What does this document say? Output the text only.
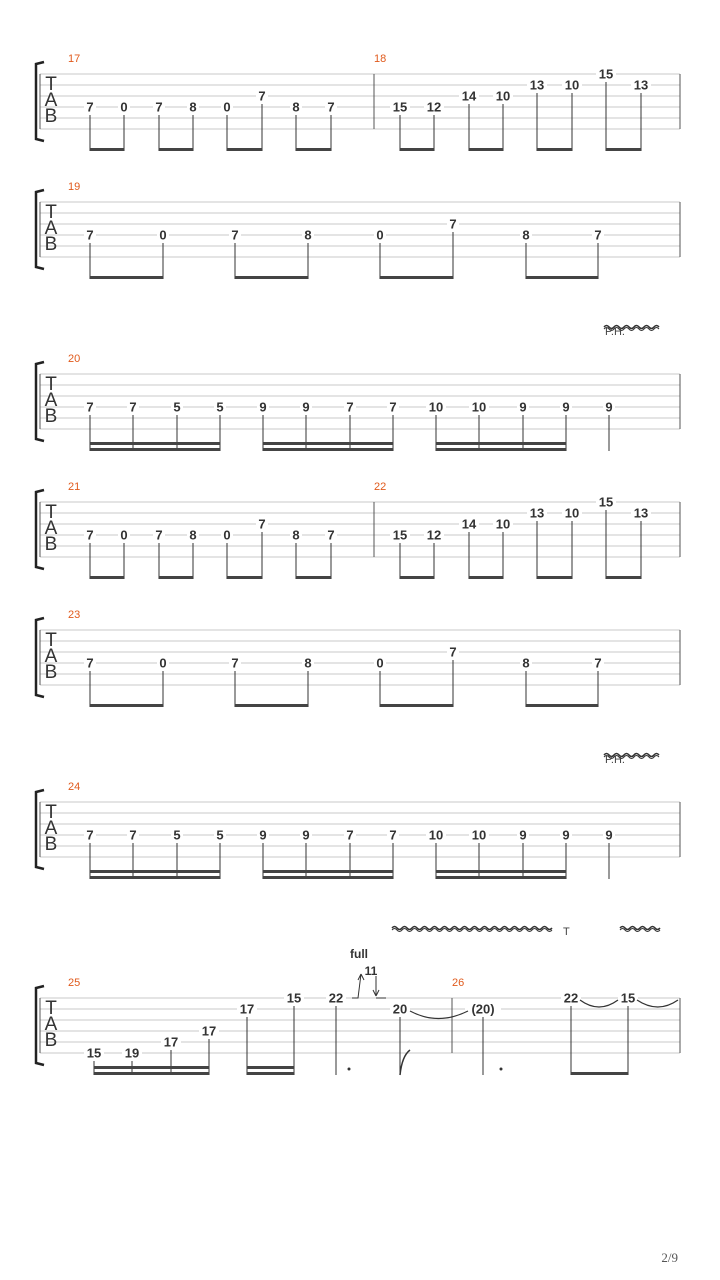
T
A
B
17
7 0 7 8 0
7
8 7
18
15 12
14 10
13 10
15
13
T
A
B
19
7	0	7	8	0
7
8	7
T
A
B
20
7	7	5	5	9	9	7	7 10 10	9	9	9
P.H.
T
A
B
21
7 0 7 8 0
7
8 7
22
15 12
14 10
13 10
15
13
T
A
B
23
7	0	7	8	0
7
8	7
T
A
B
24
7	7	5	5	9	9	7	7 10 10	9	9	9
P.H.
T
A
B
25
15 19
17
17
17
15 22
20
26
(20)
22	15
T
full
11
2/9
